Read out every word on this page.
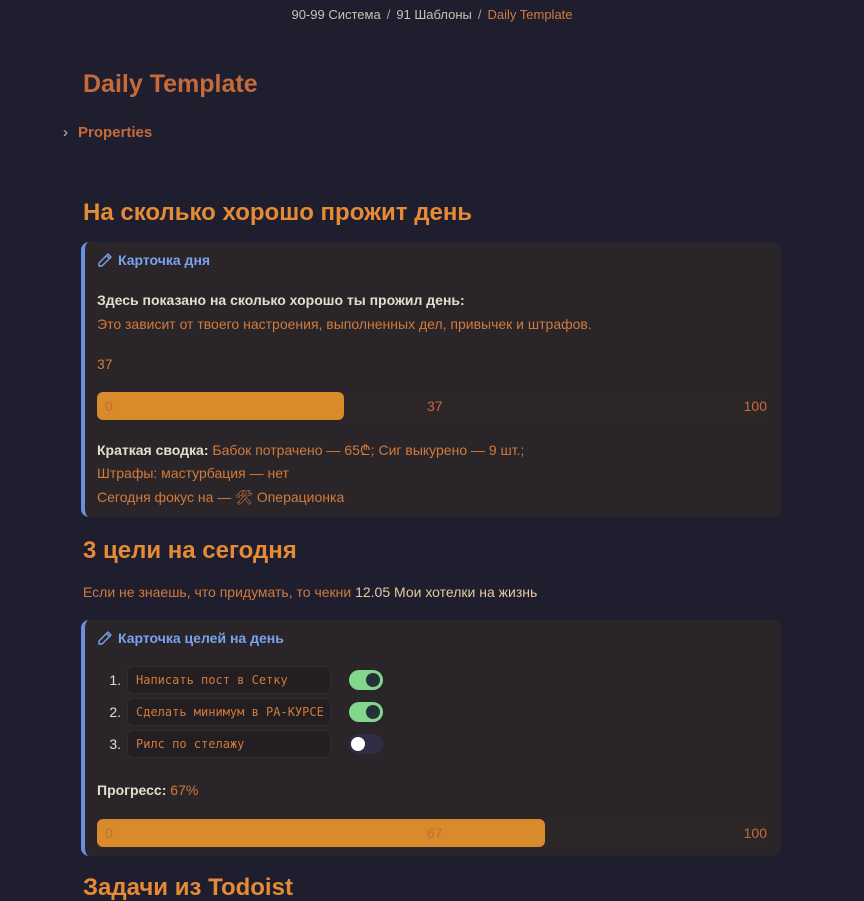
90-99 Система / 91 Шаблоны / Daily Template
Daily Template
› Properties
На сколько хорошо прожит день
Карточка дня
Здесь показано на сколько хорошо ты прожил день:
Это зависит от твоего настроения, выполненных дел, привычек и штрафов.
37
0	37	100
Краткая сводка: Бабок потрачено — 65₾; Сиг выкурено — 9 шт.;
Штрафы: мастурбация — нет
Сегодня фокус на — 🛠 Операционка
3 цели на сегодня
Если не знаешь, что придумать, то чекни 12.05 Мои хотелки на жизнь
Карточка целей на день
1.	Написать пост в Сетку
2.	Сделать минимум в РА-КУРСЕ
3.	Рилс по стелажу
Прогресс: 67%
0	67	100
Задачи из Todoist
